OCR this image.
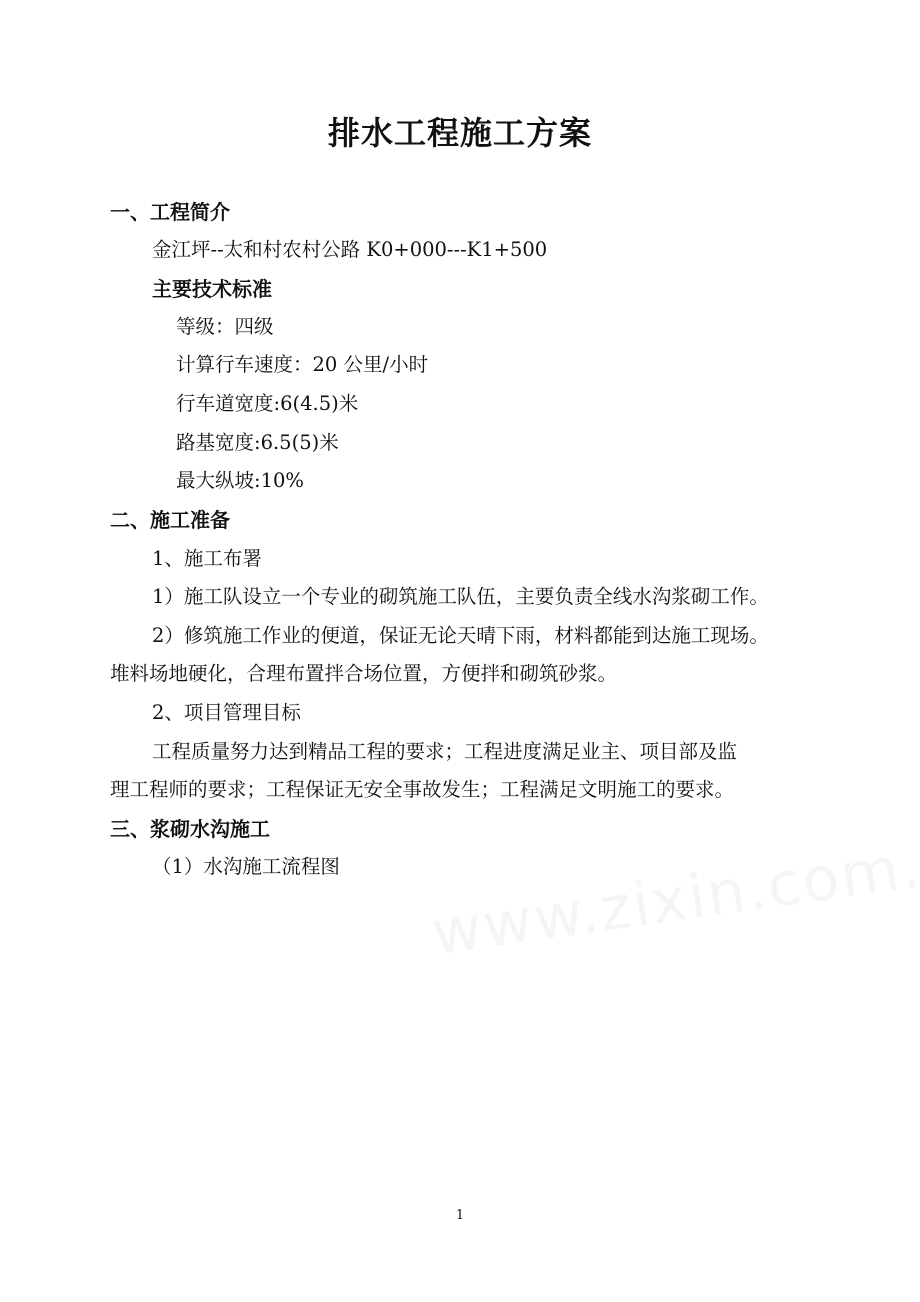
排水工程施工方案
一、工程简介
金江坪--太和村农村公路 K0+000---K1+500
主要技术标准
等级：四级
计算行车速度：20 公里/小时
行车道宽度:6(4.5)米
路基宽度:6.5(5)米
最大纵坡:10%
二、施工准备
1、施工布署
1）施工队设立一个专业的砌筑施工队伍，主要负责全线水沟浆砌工作。
2）修筑施工作业的便道，保证无论天晴下雨，材料都能到达施工现场。
堆料场地硬化，合理布置拌合场位置，方便拌和砌筑砂浆。
2、项目管理目标
工程质量努力达到精品工程的要求；工程进度满足业主、项目部及监
理工程师的要求；工程保证无安全事故发生；工程满足文明施工的要求。
三、浆砌水沟施工
（1）水沟施工流程图
1
